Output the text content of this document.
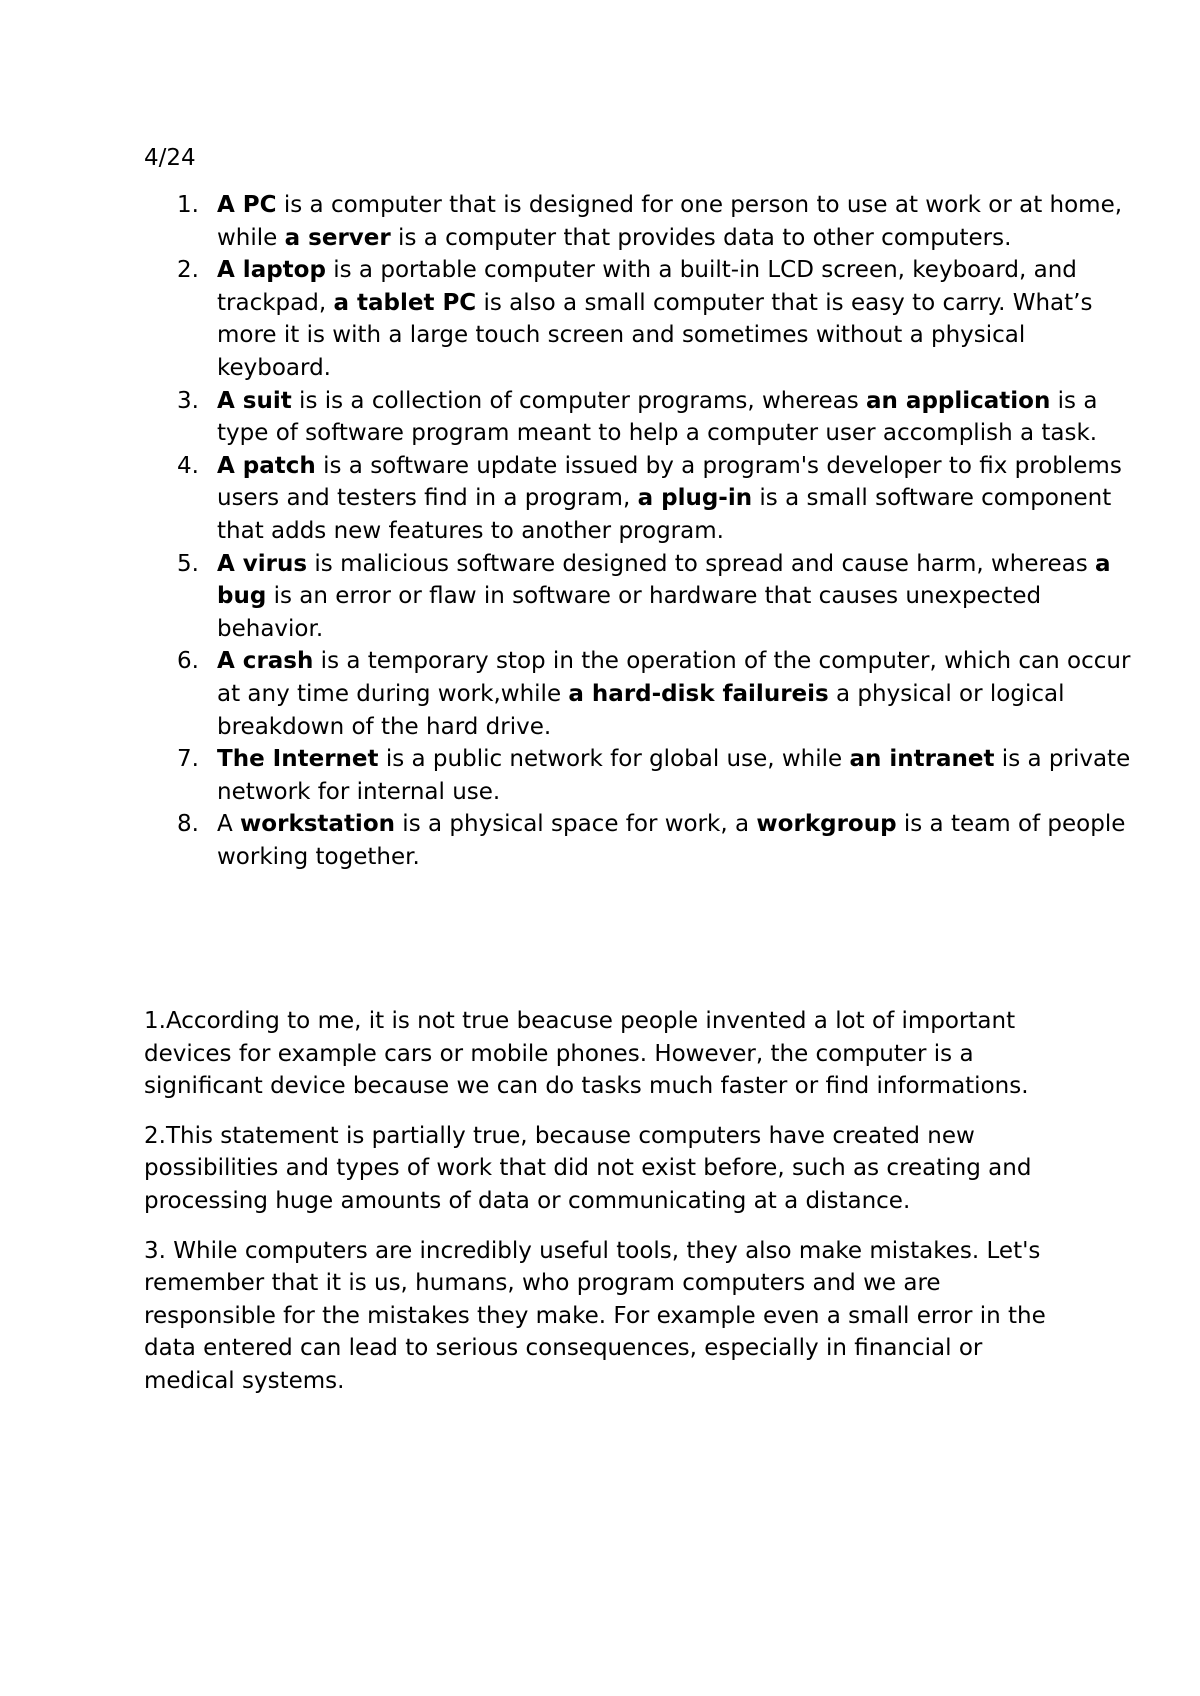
4/24

1. A PC is a computer that is designed for one person to use at work or at home, while a server is a computer that provides data to other computers.
2. A laptop is a portable computer with a built-in LCD screen, keyboard, and trackpad, a tablet PC is also a small computer that is easy to carry. What’s more it is with a large touch screen and sometimes without a physical keyboard.
3. A suit is is a collection of computer programs, whereas an application is a type of software program meant to help a computer user accomplish a task.
4. A patch is a software update issued by a program's developer to fix problems users and testers find in a program, a plug-in is a small software component that adds new features to another program.
5. A virus is malicious software designed to spread and cause harm, whereas a bug is an error or flaw in software or hardware that causes unexpected behavior.
6. A crash is a temporary stop in the operation of the computer, which can occur at any time during work,while a hard-disk failureis a physical or logical breakdown of the hard drive.
7. The Internet is a public network for global use, while an intranet is a private network for internal use.
8. A workstation is a physical space for work, a workgroup is a team of people working together.

1.According to me, it is not true beacuse people invented a lot of important devices for example cars or mobile phones. However, the computer is a significant device because we can do tasks much faster or find informations.

2.This statement is partially true, because computers have created new possibilities and types of work that did not exist before, such as creating and processing huge amounts of data or communicating at a distance.

3. While computers are incredibly useful tools, they also make mistakes. Let's remember that it is us, humans, who program computers and we are responsible for the mistakes they make. For example even a small error in the data entered can lead to serious consequences, especially in financial or medical systems.
